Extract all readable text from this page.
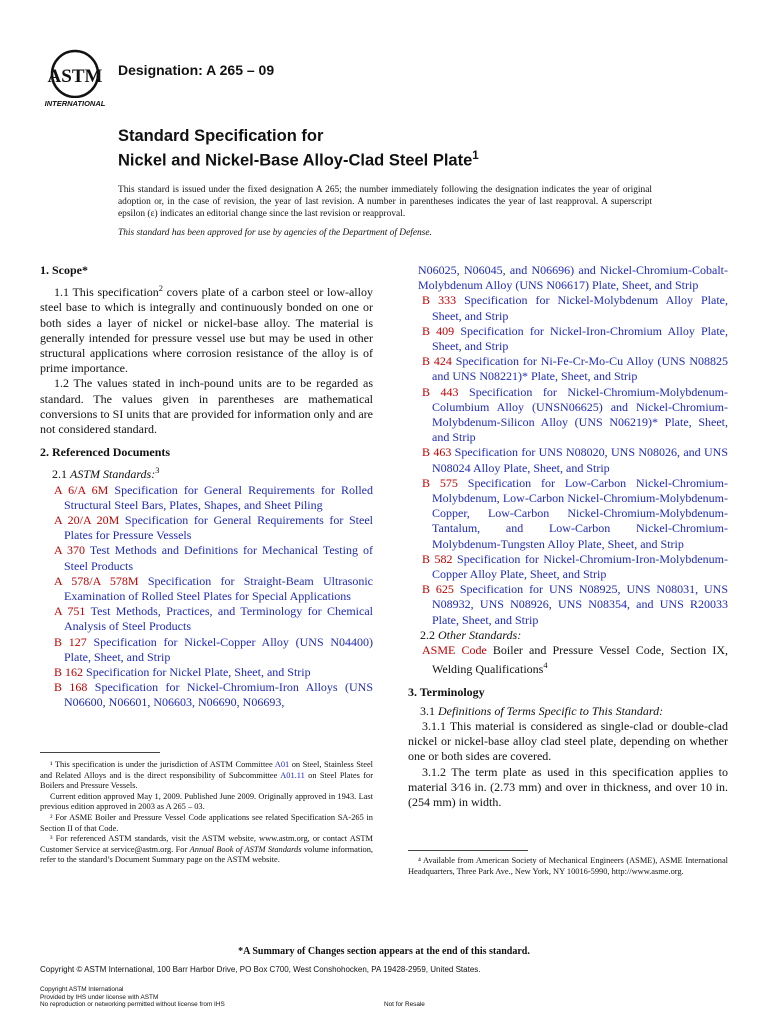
ASTM
INTERNATIONAL
Designation: A 265 – 09
Standard Specification for
Nickel and Nickel-Base Alloy-Clad Steel Plate$^1$
This standard is issued under the fixed designation A 265; the number immediately following the designation indicates the year of original adoption or, in the case of revision, the year of last revision. A number in parentheses indicates the year of last reapproval. A superscript epsilon (ε) indicates an editorial change since the last revision or reapproval.
This standard has been approved for use by agencies of the Department of Defense.
1. Scope*

1.1 This specification$^2$ covers plate of a carbon steel or low-alloy steel base to which is integrally and continuously bonded on one or both sides a layer of nickel or nickel-base alloy. The material is generally intended for pressure vessel use but may be used in other structural applications where corrosion resistance of the alloy is of prime importance.

1.2 The values stated in inch-pound units are to be regarded as standard. The values given in parentheses are mathematical conversions to SI units that are provided for information only and are not considered standard.

2. Referenced Documents

2.1 ASTM Standards:$^3$

A 6/A 6M Specification for General Requirements for Rolled Structural Steel Bars, Plates, Shapes, and Sheet Piling

A 20/A 20M Specification for General Requirements for Steel Plates for Pressure Vessels

A 370 Test Methods and Definitions for Mechanical Testing of Steel Products

A 578/A 578M Specification for Straight-Beam Ultrasonic Examination of Rolled Steel Plates for Special Applications

A 751 Test Methods, Practices, and Terminology for Chemical Analysis of Steel Products

B 127 Specification for Nickel-Copper Alloy (UNS N04400) Plate, Sheet, and Strip

B 162 Specification for Nickel Plate, Sheet, and Strip

B 168 Specification for Nickel-Chromium-Iron Alloys (UNS N06600, N06601, N06603, N06690, N06693,

N06025, N06045, and N06696) and Nickel-Chromium-Cobalt-Molybdenum Alloy (UNS N06617) Plate, Sheet, and Strip

B 333 Specification for Nickel-Molybdenum Alloy Plate, Sheet, and Strip

B 409 Specification for Nickel-Iron-Chromium Alloy Plate, Sheet, and Strip

B 424 Specification for Ni-Fe-Cr-Mo-Cu Alloy (UNS N08825 and UNS N08221)* Plate, Sheet, and Strip

B 443 Specification for Nickel-Chromium-Molybdenum-Columbium Alloy (UNSN06625) and Nickel-Chromium-Molybdenum-Silicon Alloy (UNS N06219)* Plate, Sheet, and Strip

B 463 Specification for UNS N08020, UNS N08026, and UNS N08024 Alloy Plate, Sheet, and Strip

B 575 Specification for Low-Carbon Nickel-Chromium-Molybdenum, Low-Carbon Nickel-Chromium-Molybdenum-Copper, Low-Carbon Nickel-Chromium-Molybdenum-Tantalum, and Low-Carbon Nickel-Chromium-Molybdenum-Tungsten Alloy Plate, Sheet, and Strip

B 582 Specification for Nickel-Chromium-Iron-Molybdenum-Copper Alloy Plate, Sheet, and Strip

B 625 Specification for UNS N08925, UNS N08031, UNS N08932, UNS N08926, UNS N08354, and UNS R20033 Plate, Sheet, and Strip

2.2 Other Standards:

ASME Code Boiler and Pressure Vessel Code, Section IX, Welding Qualifications$^4$

3. Terminology

3.1 Definitions of Terms Specific to This Standard:

3.1.1 This material is considered as single-clad or double-clad nickel or nickel-base alloy clad steel plate, depending on whether one or both sides are covered.

3.1.2 The term plate as used in this specification applies to material 3⁄16 in. (2.73 mm) and over in thickness, and over 10 in. (254 mm) in width.

¹ This specification is under the jurisdiction of ASTM Committee A01 on Steel, Stainless Steel and Related Alloys and is the direct responsibility of Subcommittee A01.11 on Steel Plates for Boilers and Pressure Vessels.

Current edition approved May 1, 2009. Published June 2009. Originally approved in 1943. Last previous edition approved in 2003 as A 265 – 03.

² For ASME Boiler and Pressure Vessel Code applications see related Specification SA-265 in Section II of that Code.

³ For referenced ASTM standards, visit the ASTM website, www.astm.org, or contact ASTM Customer Service at service@astm.org. For Annual Book of ASTM Standards volume information, refer to the standard’s Document Summary page on the ASTM website.	⁴ Available from American Society of Mechanical Engineers (ASME), ASME International Headquarters, Three Park Ave., New York, NY 10016-5990, http://www.asme.org.
*A Summary of Changes section appears at the end of this standard.
Copyright © ASTM International, 100 Barr Harbor Drive, PO Box C700, West Conshohocken, PA 19428-2959, United States.
Copyright ASTM International
Provided by IHS under license with ASTM
No reproduction or networking permitted without license from IHS	Not for Resale
